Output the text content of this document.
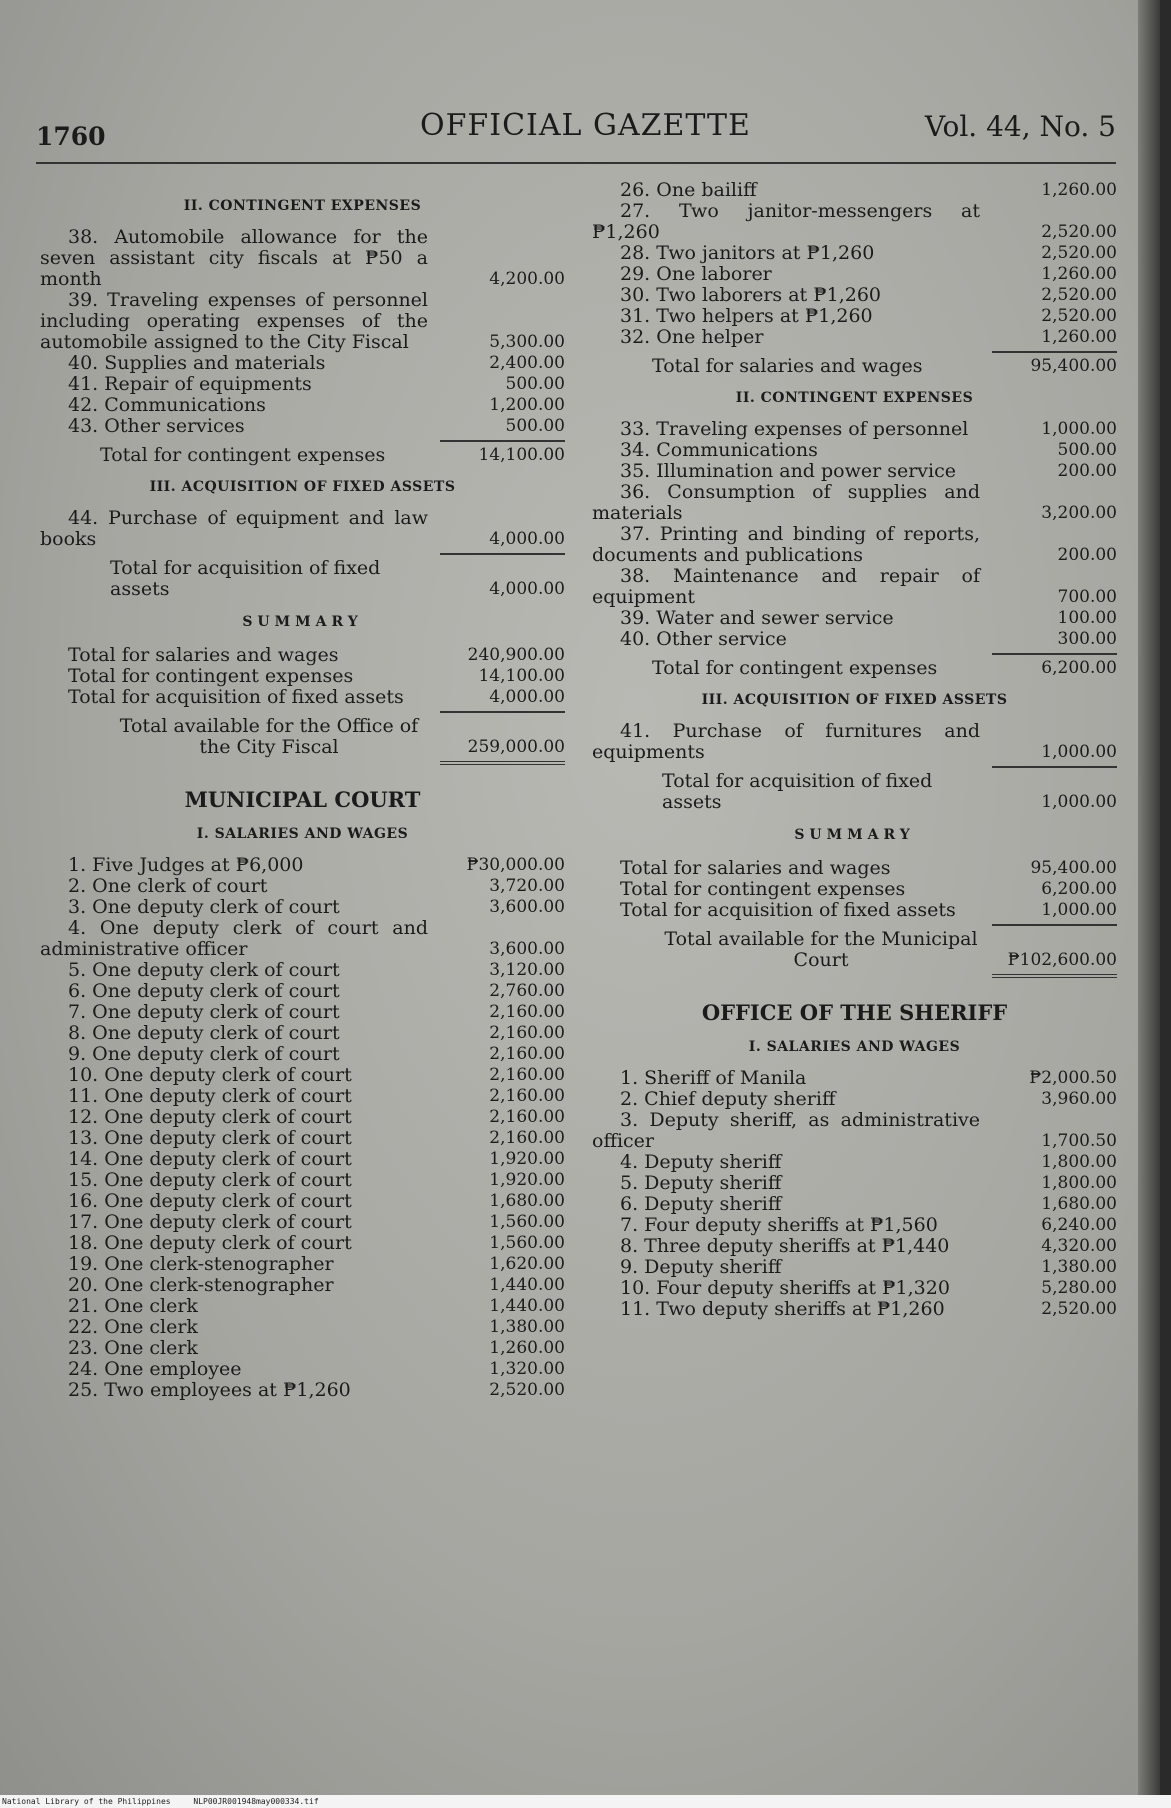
1760	OFFICIAL GAZETTE	Vol. 44, No. 5
II. CONTINGENT EXPENSES
38. Automobile allowance for the seven assistant city fiscals at ₱50 a month	4,200.00
39. Traveling expenses of personnel including operating expenses of the automobile assigned to the City Fiscal	5,300.00
40. Supplies and materials	2,400.00
41. Repair of equipments	500.00
42. Communications	1,200.00
43. Other services	500.00
Total for contingent expenses	14,100.00
III. ACQUISITION OF FIXED ASSETS
44. Purchase of equipment and law books	4,000.00
Total for acquisition of fixed assets	4,000.00
SUMMARY
Total for salaries and wages	240,900.00
Total for contingent expenses	14,100.00
Total for acquisition of fixed assets	4,000.00
Total available for the Office of the City Fiscal	259,000.00
MUNICIPAL COURT
I. SALARIES AND WAGES
1. Five Judges at ₱6,000	₱30,000.00
2. One clerk of court	3,720.00
3. One deputy clerk of court	3,600.00
4. One deputy clerk of court and administrative officer	3,600.00
5. One deputy clerk of court	3,120.00
6. One deputy clerk of court	2,760.00
7. One deputy clerk of court	2,160.00
8. One deputy clerk of court	2,160.00
9. One deputy clerk of court	2,160.00
10. One deputy clerk of court	2,160.00
11. One deputy clerk of court	2,160.00
12. One deputy clerk of court	2,160.00
13. One deputy clerk of court	2,160.00
14. One deputy clerk of court	1,920.00
15. One deputy clerk of court	1,920.00
16. One deputy clerk of court	1,680.00
17. One deputy clerk of court	1,560.00
18. One deputy clerk of court	1,560.00
19. One clerk-stenographer	1,620.00
20. One clerk-stenographer	1,440.00
21. One clerk	1,440.00
22. One clerk	1,380.00
23. One clerk	1,260.00
24. One employee	1,320.00
25. Two employees at ₱1,260	2,520.00
26. One bailiff	1,260.00
27. Two janitor-messengers at ₱1,260	2,520.00
28. Two janitors at ₱1,260	2,520.00
29. One laborer	1,260.00
30. Two laborers at ₱1,260	2,520.00
31. Two helpers at ₱1,260	2,520.00
32. One helper	1,260.00
Total for salaries and wages	95,400.00
II. CONTINGENT EXPENSES
33. Traveling expenses of personnel	1,000.00
34. Communications	500.00
35. Illumination and power service	200.00
36. Consumption of supplies and materials	3,200.00
37. Printing and binding of reports, documents and publications	200.00
38. Maintenance and repair of equipment	700.00
39. Water and sewer service	100.00
40. Other service	300.00
Total for contingent expenses	6,200.00
III. ACQUISITION OF FIXED ASSETS
41. Purchase of furnitures and equipments	1,000.00
Total for acquisition of fixed assets	1,000.00
SUMMARY
Total for salaries and wages	95,400.00
Total for contingent expenses	6,200.00
Total for acquisition of fixed assets	1,000.00
Total available for the Municipal Court	₱102,600.00
OFFICE OF THE SHERIFF
I. SALARIES AND WAGES
1. Sheriff of Manila	₱2,000.50
2. Chief deputy sheriff	3,960.00
3. Deputy sheriff, as administrative officer	1,700.50
4. Deputy sheriff	1,800.00
5. Deputy sheriff	1,800.00
6. Deputy sheriff	1,680.00
7. Four deputy sheriffs at ₱1,560	6,240.00
8. Three deputy sheriffs at ₱1,440	4,320.00
9. Deputy sheriff	1,380.00
10. Four deputy sheriffs at ₱1,320	5,280.00
11. Two deputy sheriffs at ₱1,260	2,520.00
National Library of the Philippines	NLP00JR001948may000334.tif
